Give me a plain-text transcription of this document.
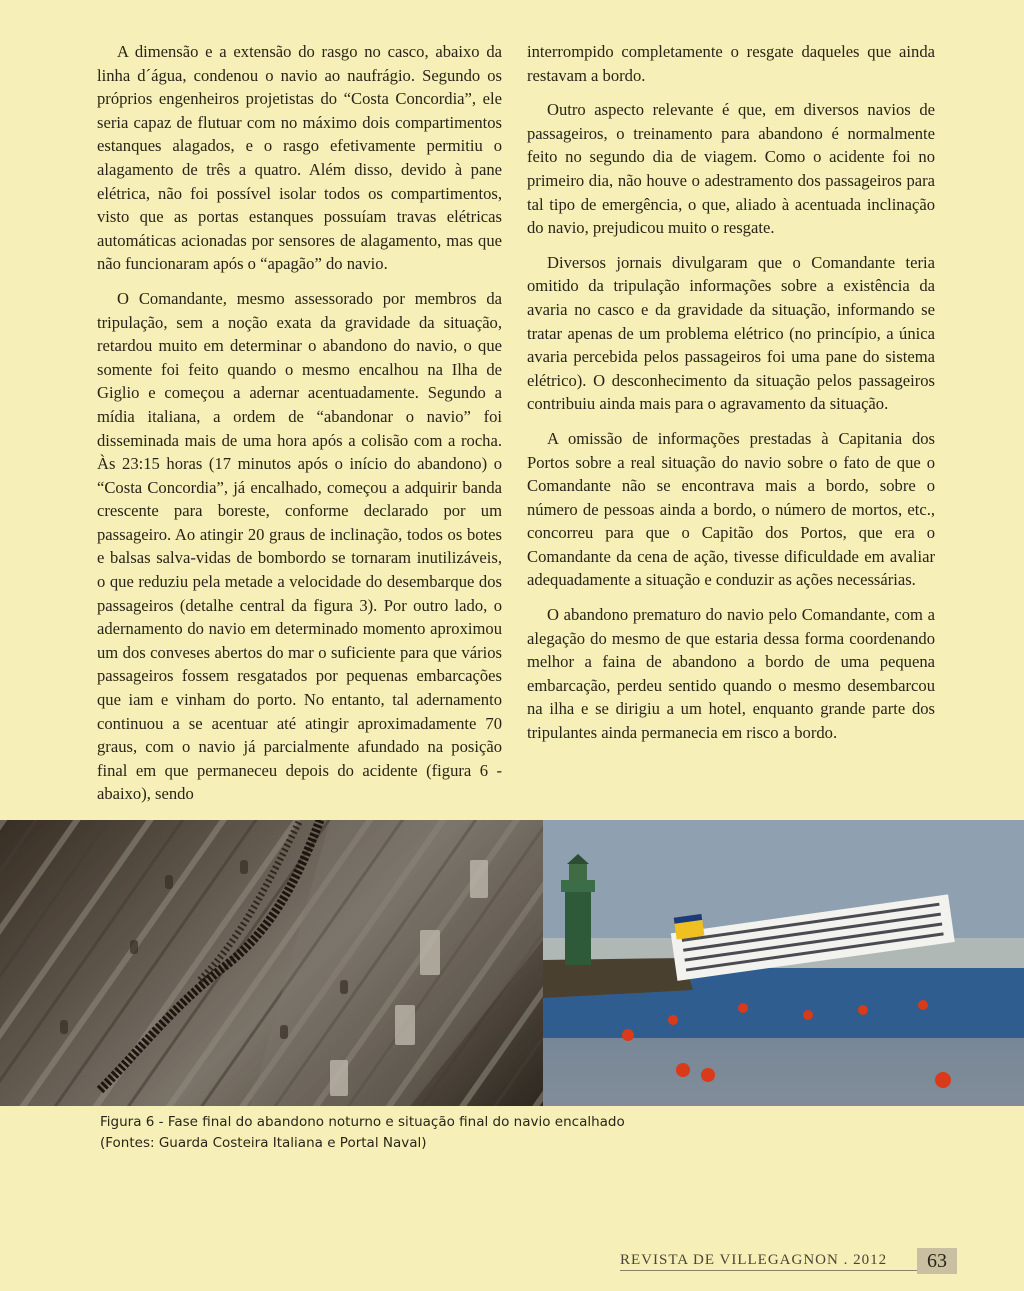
A dimensão e a extensão do rasgo no casco, abaixo da linha d´água, condenou o navio ao naufrágio. Segundo os próprios engenheiros projetistas do “Costa Concordia”, ele seria capaz de flutuar com no máximo dois compartimentos estanques alagados, e o rasgo efetivamente permitiu o alagamento de três a quatro. Além disso, devido à pane elétrica, não foi possível isolar todos os compartimentos, visto que as portas estanques possuíam travas elétricas automáticas acionadas por sensores de alagamento, mas que não funcionaram após o “apagão” do navio.

O Comandante, mesmo assessorado por membros da tripulação, sem a noção exata da gravidade da situação, retardou muito em determinar o abandono do navio, o que somente foi feito quando o mesmo encalhou na Ilha de Giglio e começou a adernar acentuadamente. Segundo a mídia italiana, a ordem de “abandonar o navio” foi disseminada mais de uma hora após a colisão com a rocha. Às 23:15 horas (17 minutos após o início do abandono) o “Costa Concordia”, já encalhado, começou a adquirir banda crescente para boreste, conforme declarado por um passageiro. Ao atingir 20 graus de inclinação, todos os botes e balsas salva-vidas de bombordo se tornaram inutilizáveis, o que reduziu pela metade a velocidade do desembarque dos passageiros (detalhe central da figura 3). Por outro lado, o adernamento do navio em determinado momento aproximou um dos conveses abertos do mar o suficiente para que vários passageiros fossem resgatados por pequenas embarcações que iam e vinham do porto. No entanto, tal adernamento continuou a se acentuar até atingir aproximadamente 70 graus, com o navio já parcialmente afundado na posição final em que permaneceu depois do acidente (figura 6 - abaixo), sendo

interrompido completamente o resgate daqueles que ainda restavam a bordo.

Outro aspecto relevante é que, em diversos navios de passageiros, o treinamento para abandono é normalmente feito no segundo dia de viagem. Como o acidente foi no primeiro dia, não houve o adestramento dos passageiros para tal tipo de emergência, o que, aliado à acentuada inclinação do navio, prejudicou muito o resgate.

Diversos jornais divulgaram que o Comandante teria omitido da tripulação informações sobre a existência da avaria no casco e da gravidade da situação, informando se tratar apenas de um problema elétrico (no princípio, a única avaria percebida pelos passageiros foi uma pane do sistema elétrico). O desconhecimento da situação pelos passageiros contribuiu ainda mais para o agravamento da situação.

A omissão de informações prestadas à Capitania dos Portos sobre a real situação do navio sobre o fato de que o Comandante não se encontrava mais a bordo, sobre o número de pessoas ainda a bordo, o número de mortos, etc., concorreu para que o Capitão dos Portos, que era o Comandante da cena de ação, tivesse dificuldade em avaliar adequadamente a situação e conduzir as ações necessárias.

O abandono prematuro do navio pelo Comandante, com a alegação do mesmo de que estaria dessa forma coordenando melhor a faina de abandono a bordo de uma pequena embarcação, perdeu sentido quando o mesmo desembarcou na ilha e se dirigiu a um hotel, enquanto grande parte dos tripulantes ainda permanecia em risco a bordo.

Figura 6 - Fase final do abandono noturno e situação final do navio encalhado
(Fontes: Guarda Costeira Italiana e Portal Naval)
REVISTA DE VILLEGAGNON . 2012	63
